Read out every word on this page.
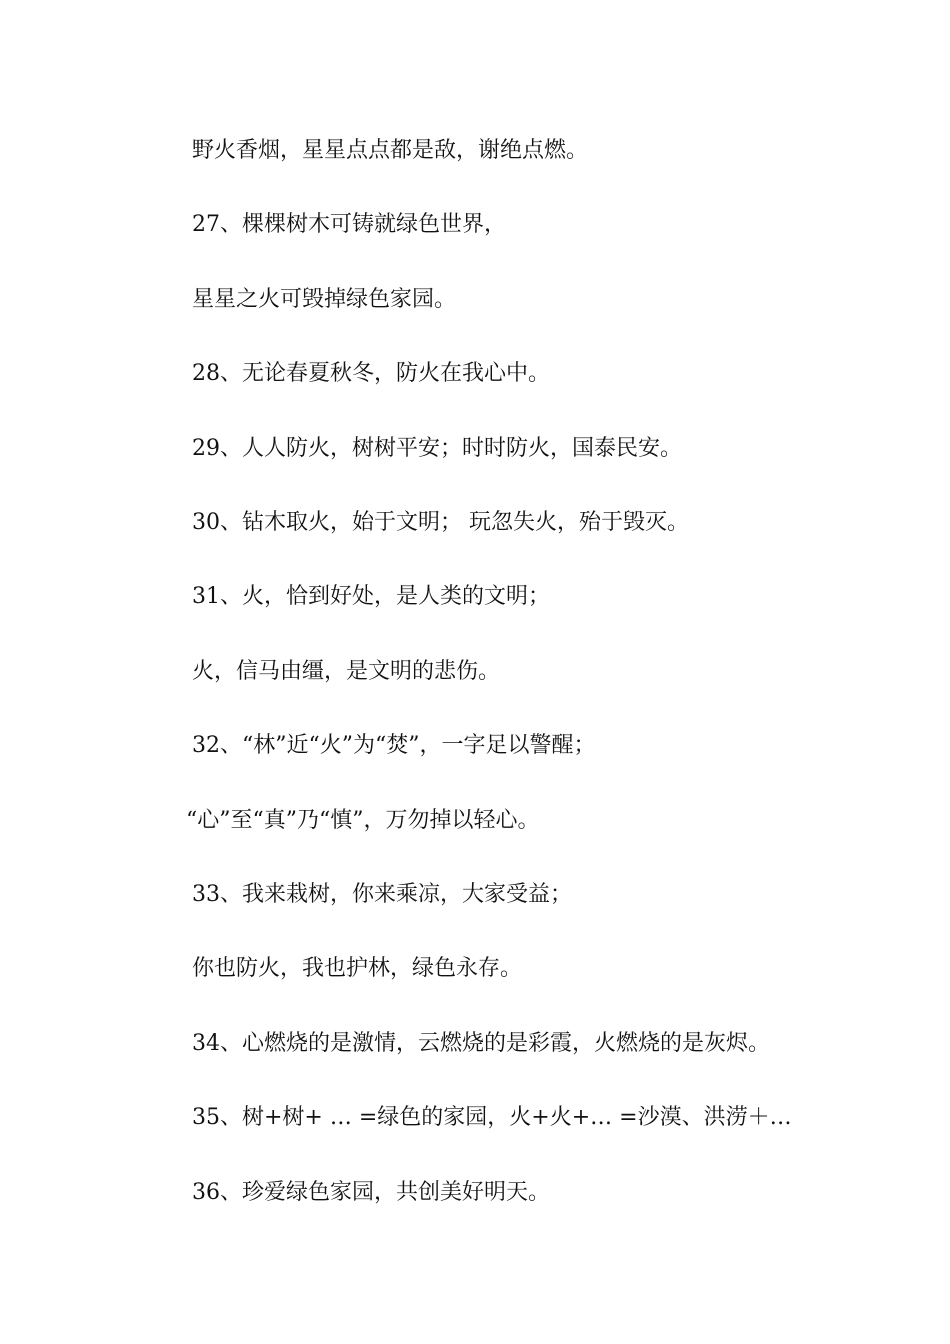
野火香烟，星星点点都是敌，谢绝点燃。

27、棵棵树木可铸就绿色世界，

星星之火可毁掉绿色家园。

28、无论春夏秋冬，防火在我心中。

29、人人防火，树树平安；时时防火，国泰民安。

30、钻木取火，始于文明； 玩忽失火，殆于毁灭。

31、火，恰到好处，是人类的文明；

火，信马由缰，是文明的悲伤。

32、“林”近“火”为“焚”，一字足以警醒；

“心”至“真”乃“慎”，万勿掉以轻心。

33、我来栽树，你来乘凉，大家受益；

你也防火，我也护林，绿色永存。

34、心燃烧的是激情，云燃烧的是彩霞，火燃烧的是灰烬。

35、树+树+ … =绿色的家园，火+火+… =沙漠、洪涝＋…

36、珍爱绿色家园，共创美好明天。
